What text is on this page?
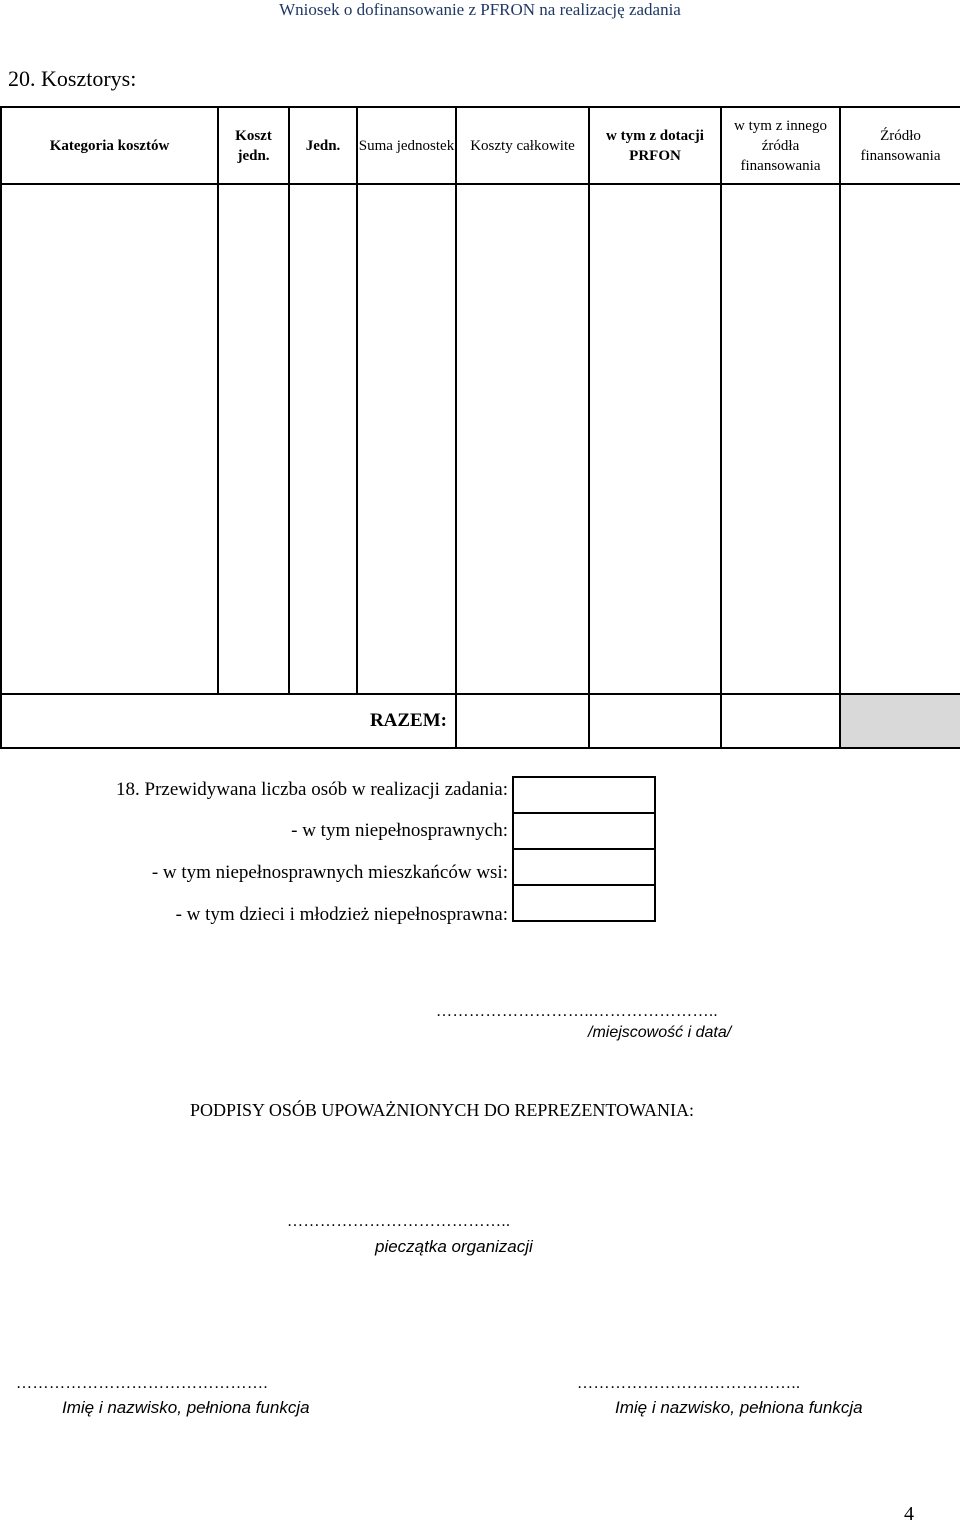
Wniosek o dofinansowanie z PFRON na realizację zadania
20. Kosztorys:
Kategoria kosztów	Koszt jedn.	Jedn.	Suma jednostek	Koszty całkowite	w tym z dotacji PRFON	w tym z innego źródła finansowania	Źródło finansowania

RAZEM:							
18. Przewidywana liczba osób w realizacji zadania:
- w tym niepełnosprawnych:
- w tym niepełnosprawnych mieszkańców wsi:
- w tym dzieci i młodzież niepełnosprawna:
………………………..…………………..
/miejscowość i data/
PODPISY OSÓB UPOWAŻNIONYCH DO REPREZENTOWANIA:
…………………………………..
pieczątka organizacji
……………………………………….
Imię i nazwisko, pełniona funkcja
…………………………………..
Imię i nazwisko, pełniona funkcja
4
